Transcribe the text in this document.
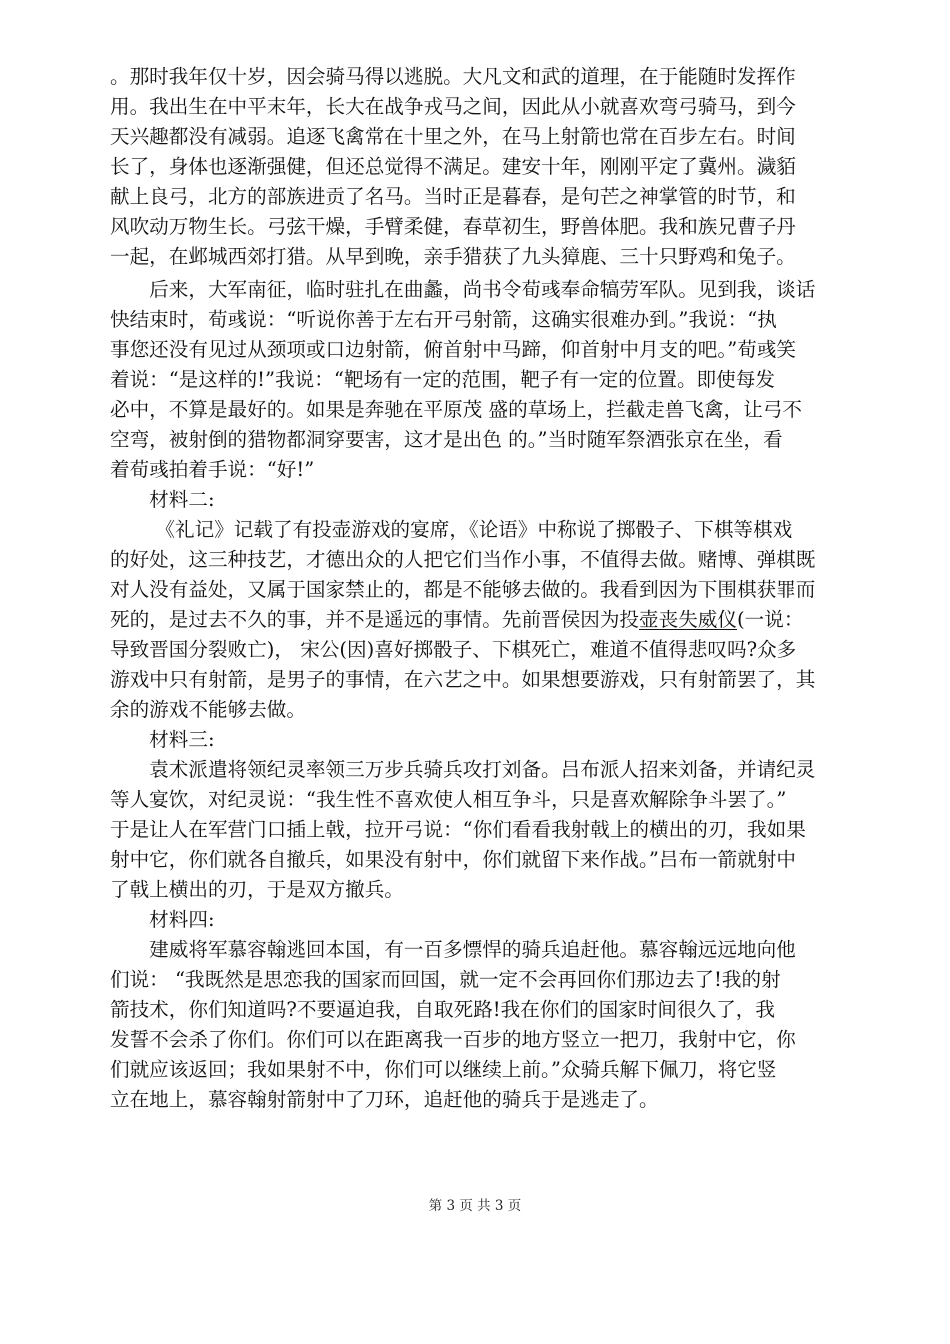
。那时我年仅十岁，因会骑马得以逃脱。大凡文和武的道理，在于能随时发挥作
用。我出生在中平末年，长大在战争戎马之间，因此从小就喜欢弯弓骑马，到今
天兴趣都没有减弱。追逐飞禽常在十里之外，在马上射箭也常在百步左右。时间
长了，身体也逐渐强健，但还总觉得不满足。建安十年，刚刚平定了冀州。濊貊
献上良弓，北方的部族进贡了名马。当时正是暮春，是句芒之神掌管的时节，和
风吹动万物生长。弓弦干燥，手臂柔健，春草初生，野兽体肥。我和族兄曹子丹
一起，在邺城西郊打猎。从早到晚，亲手猎获了九头獐鹿、三十只野鸡和兔子。
　　后来，大军南征，临时驻扎在曲蠡，尚书令荀彧奉命犒劳军队。见到我，谈话
快结束时，荀彧说：“听说你善于左右开弓射箭，这确实很难办到。”我说：“执
事您还没有见过从颈项或口边射箭，俯首射中马蹄，仰首射中月支的吧。”荀彧笑
着说：“是这样的!”我说：“靶场有一定的范围，靶子有一定的位置。即使每发
必中，不算是最好的。如果是奔驰在平原茂 盛的草场上，拦截走兽飞禽，让弓不
空弯，被射倒的猎物都洞穿要害，这才是出色 的。”当时随军祭酒张京在坐，看
着荀彧拍着手说：“好!”
　　材料二:
　　 《礼记》记载了有投壶游戏的宴席，《论语》中称说了掷骰子、下棋等棋戏
的好处，这三种技艺，才德出众的人把它们当作小事，不值得去做。赌博、弹棋既
对人没有益处，又属于国家禁止的，都是不能够去做的。我看到因为下围棋获罪而
死的，是过去不久的事，并不是遥远的事情。先前晋侯因为投壶丧失威仪(一说：
导致晋国分裂败亡)， 宋公(因)喜好掷骰子、下棋死亡，难道不值得悲叹吗?众多
游戏中只有射箭，是男子的事情，在六艺之中。如果想要游戏，只有射箭罢了，其
余的游戏不能够去做。
　　材料三:
　　袁术派遣将领纪灵率领三万步兵骑兵攻打刘备。吕布派人招来刘备，并请纪灵
等人宴饮，对纪灵说：“我生性不喜欢使人相互争斗，只是喜欢解除争斗罢了。”
于是让人在军营门口插上戟，拉开弓说：“你们看看我射戟上的横出的刃，我如果
射中它，你们就各自撤兵，如果没有射中，你们就留下来作战。”吕布一箭就射中
了戟上横出的刃，于是双方撤兵。
　　材料四:
　　建威将军慕容翰逃回本国，有一百多慓悍的骑兵追赶他。慕容翰远远地向他
们说： “我既然是思恋我的国家而回国，就一定不会再回你们那边去了!我的射
箭技术，你们知道吗?不要逼迫我，自取死路!我在你们的国家时间很久了，我
发誓不会杀了你们。你们可以在距离我一百步的地方竖立一把刀，我射中它，你
们就应该返回；我如果射不中，你们可以继续上前。”众骑兵解下佩刀，将它竖
立在地上，慕容翰射箭射中了刀环，追赶他的骑兵于是逃走了。
第 3 页 共 3 页
